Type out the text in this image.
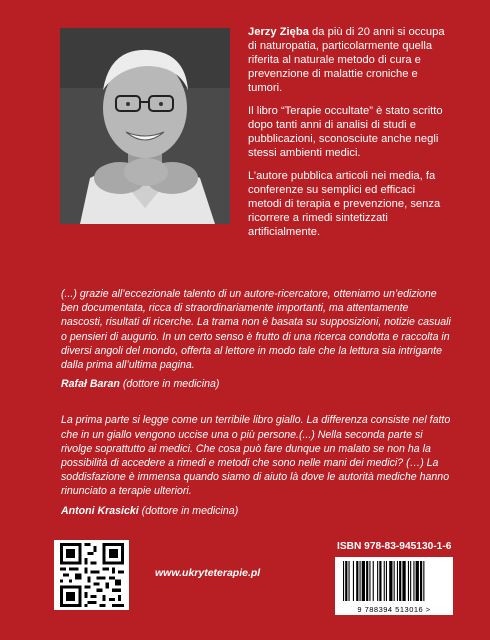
Jerzy Zięba da più di 20 anni si occupa di naturopatia, particolarmente quella riferita al naturale metodo di cura e prevenzione di malattie croniche e tumori.

Il libro “Terapie occultate” è stato scritto dopo tanti anni di analisi di studi e pubblicazioni, sconosciute anche negli stessi ambienti medici.

L’autore pubblica articoli nei media, fa conferenze su semplici ed efficaci metodi di terapia e prevenzione, senza ricorrere a rimedi sintetizzati artificialmente.

(...) grazie all’eccezionale talento di un autore-ricercatore, otteniamo un’edizione ben documentata, ricca di straordinariamente importanti, ma attentamente nascosti, risultati di ricerche. La trama non è basata su supposizioni, notizie casuali o pensieri di augurio. In un certo senso è frutto di una ricerca condotta e raccolta in diversi angoli del mondo, offerta al lettore in modo tale che la lettura sia intrigante dalla prima all’ultima pagina.

Rafał Baran (dottore in medicina)

La prima parte si legge come un terribile libro giallo. La differenza consiste nel fatto che in un giallo vengono uccise una o più persone.(...) Nella seconda parte si rivolge soprattutto ai medici. Che cosa può fare dunque un malato se non ha la possibilità di accedere a rimedi e metodi che sono nelle mani dei medici? (…) La soddisfazione è immensa quando siamo di aiuto là dove le autorità mediche hanno rinunciato a terapie ulteriori.

Antoni Krasicki (dottore in medicina)

www.ukryteterapie.pl
ISBN 978-83-945130-1-6
9 788394 513016 >
